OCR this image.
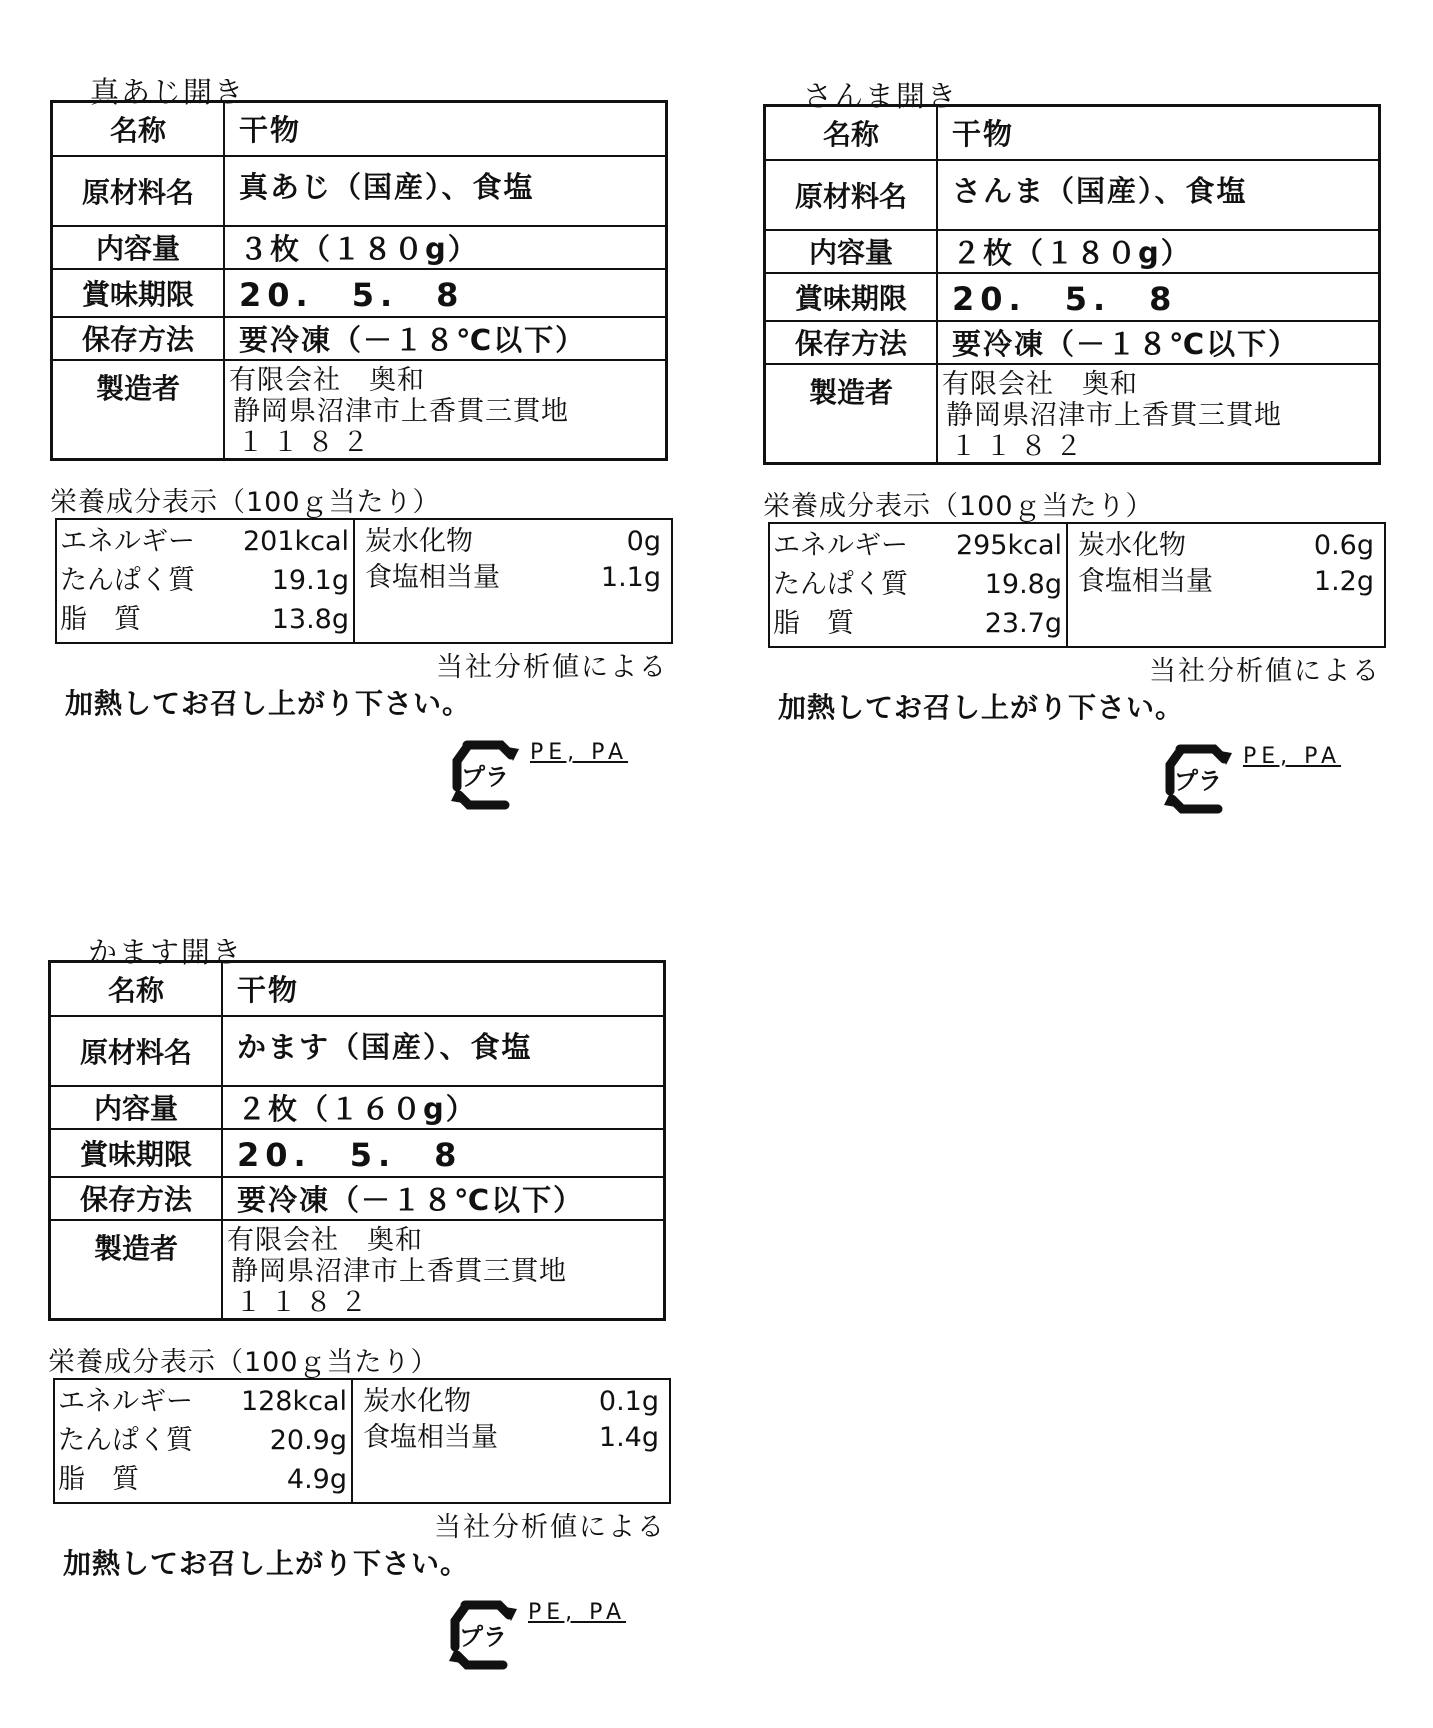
真あじ開き
名称	干物
原材料名	真あじ（国産）、食塩
内容量	３枚（１８０g）
賞味期限	20.　5.　8
保存方法	要冷凍（－１８℃以下）
製造者	有限会社　奥和
静岡県沼津市上香貫三貫地
１１８２
栄養成分表示（100ｇ当たり）
エネルギー 201kcal
たんぱく質	19.1g
脂　質	13.8g
炭水化物	0g
食塩相当量	1.1g
当社分析値による
加熱してお召し上がり下さい。
プラ
PE, PA
さんま開き
名称	干物
原材料名	さんま（国産）、食塩
内容量	２枚（１８０g）
賞味期限	20.　5.　8
保存方法	要冷凍（－１８℃以下）
製造者	有限会社　奥和
静岡県沼津市上香貫三貫地
１１８２
栄養成分表示（100ｇ当たり）
エネルギー 295kcal
たんぱく質	19.8g
脂　質	23.7g
炭水化物	0.6g
食塩相当量	1.2g
当社分析値による
加熱してお召し上がり下さい。
プラ
PE, PA
かます開き
名称	干物
原材料名	かます（国産）、食塩
内容量	２枚（１６０g）
賞味期限	20.　5.　8
保存方法	要冷凍（－１８℃以下）
製造者	有限会社　奥和
静岡県沼津市上香貫三貫地
１１８２
栄養成分表示（100ｇ当たり）
エネルギー 128kcal
たんぱく質	20.9g
脂　質	4.9g
炭水化物	0.1g
食塩相当量	1.4g
当社分析値による
加熱してお召し上がり下さい。
プラ
PE, PA
